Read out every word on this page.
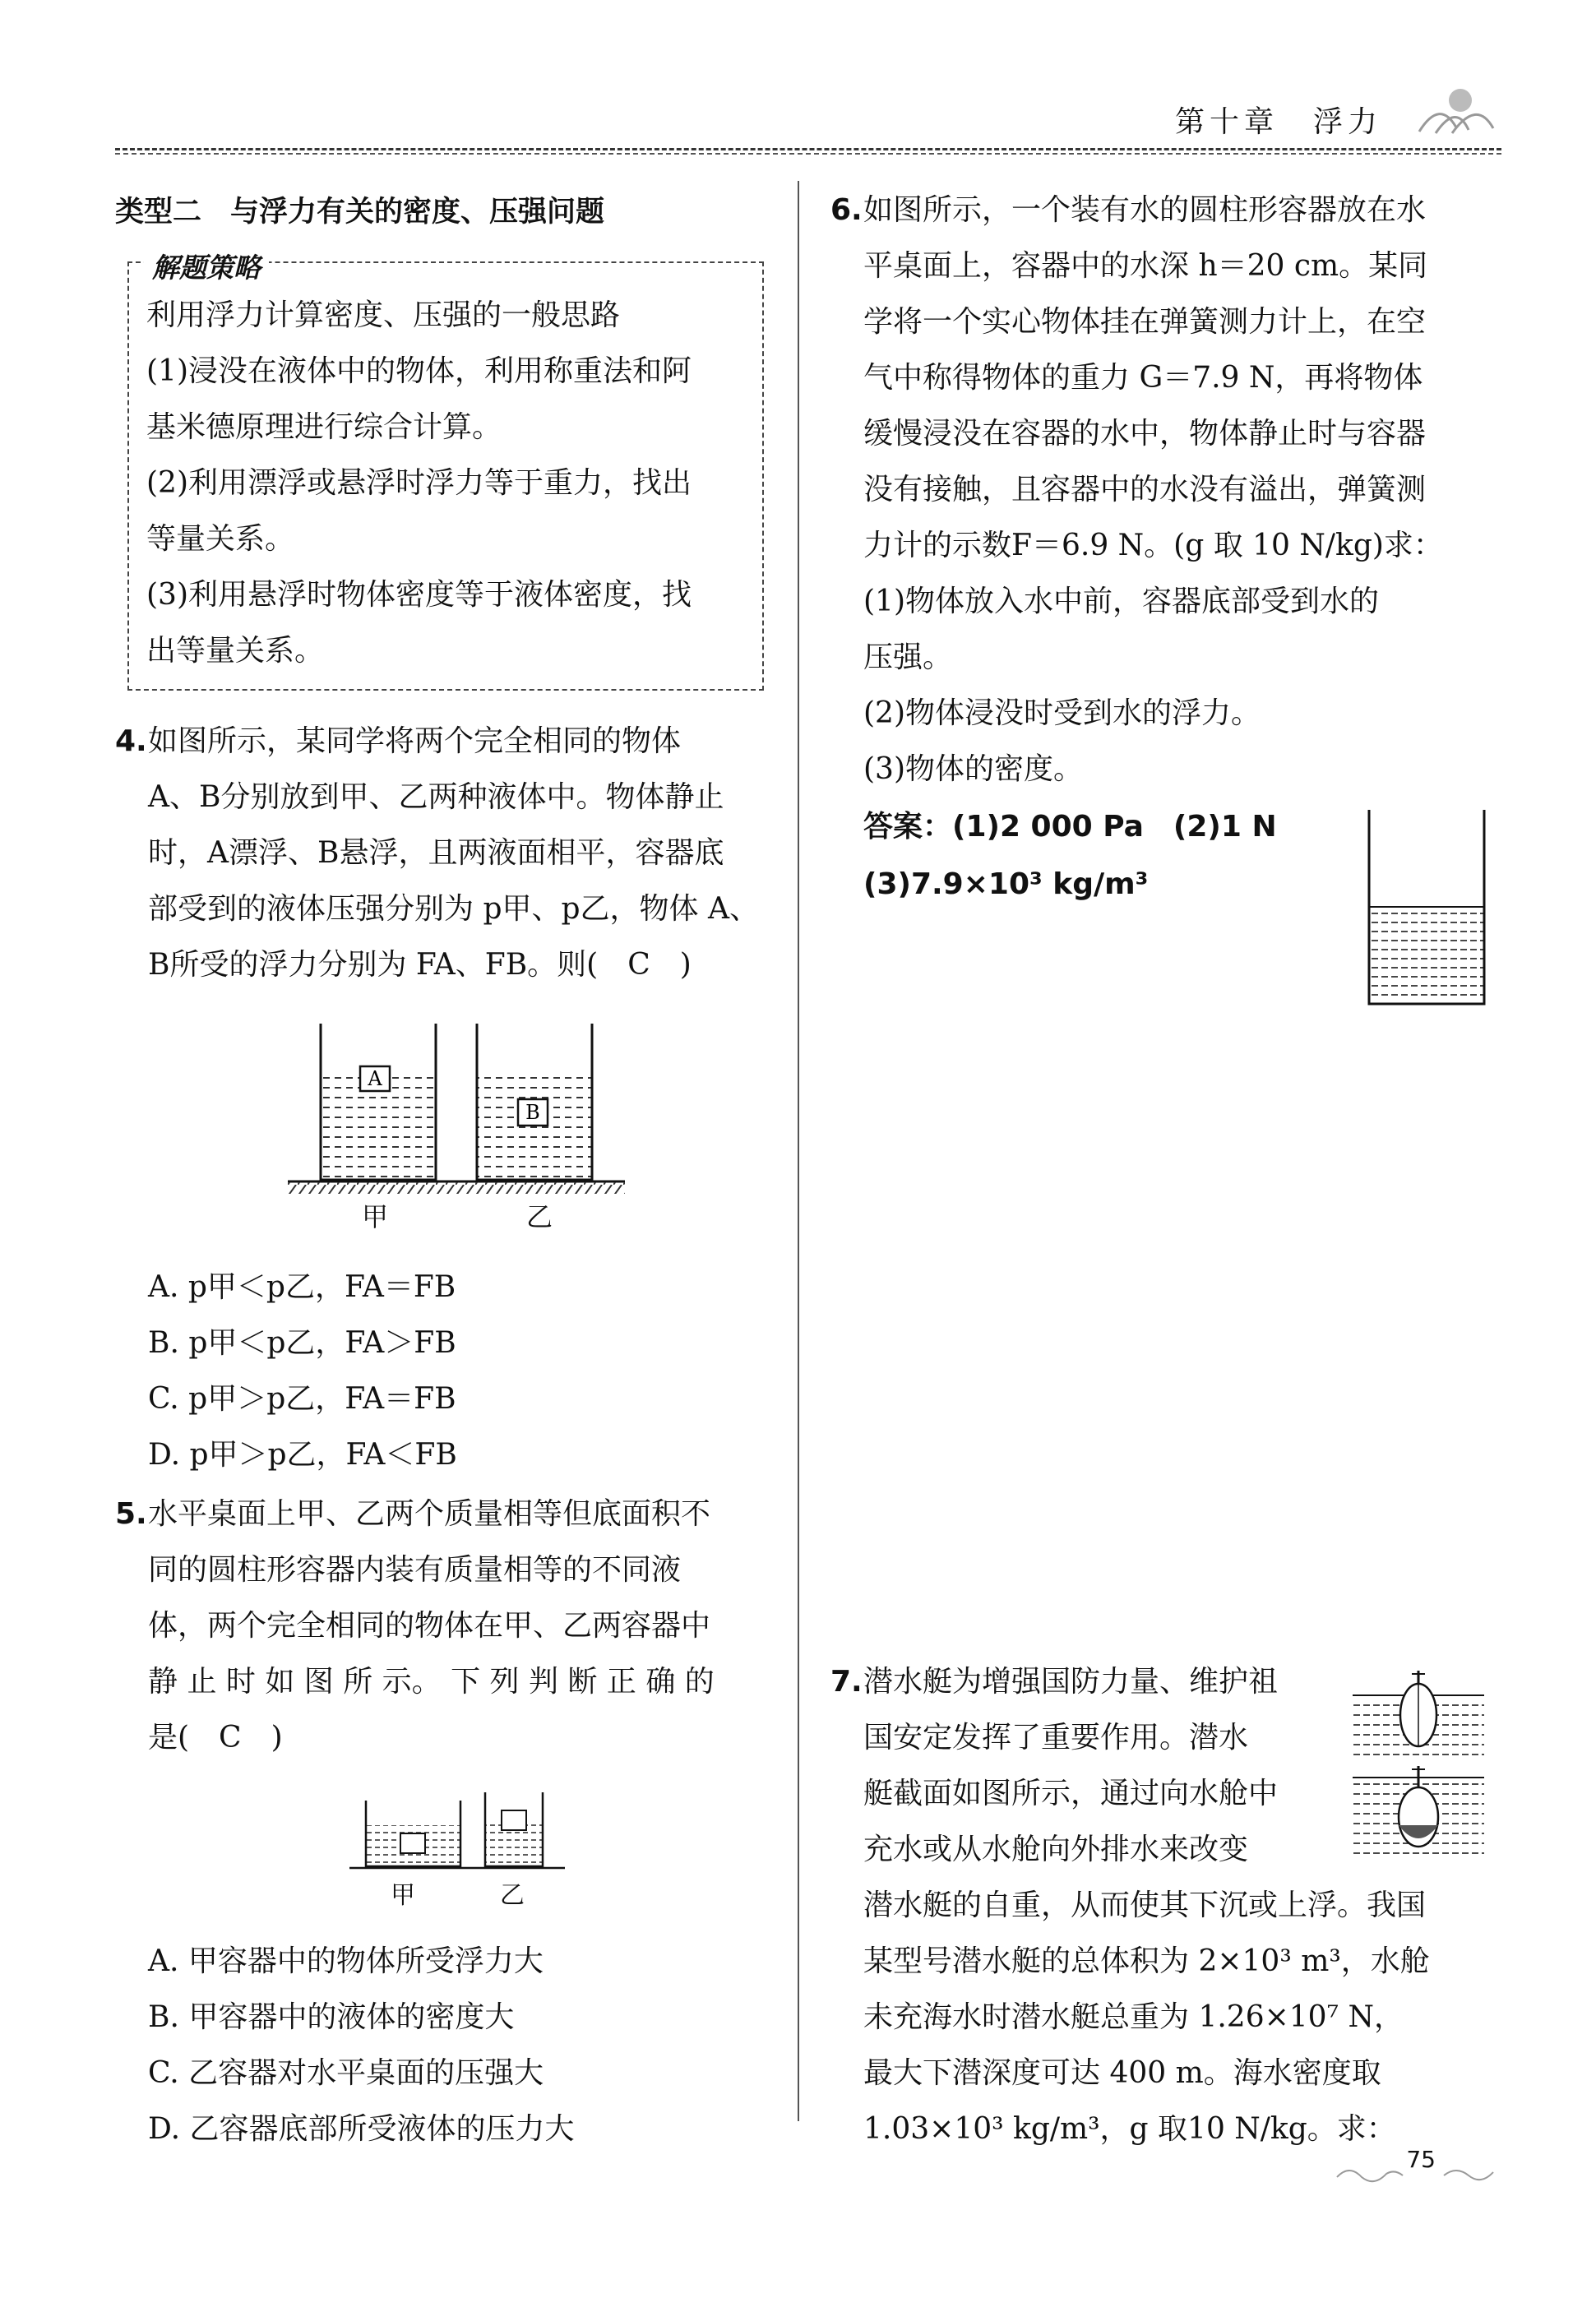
第十章　浮力
类型二　与浮力有关的密度、压强问题
解题策略
利用浮力计算密度、压强的一般思路
(1)浸没在液体中的物体，利用称重法和阿
基米德原理进行综合计算。
(2)利用漂浮或悬浮时浮力等于重力，找出
等量关系。
(3)利用悬浮时物体密度等于液体密度，找
出等量关系。
4. 如图所示，某同学将两个完全相同的物体
A、B分别放到甲、乙两种液体中。物体静止
时，A漂浮、B悬浮，且两液面相平，容器底
部受到的液体压强分别为 p甲、p乙，物体 A、
B所受的浮力分别为 FA、FB。则(　C　)
A
B
甲	乙
A. p甲＜p乙，FA＝FB
B. p甲＜p乙，FA＞FB
C. p甲＞p乙，FA＝FB
D. p甲＞p乙，FA＜FB
5. 水平桌面上甲、乙两个质量相等但底面积不
同的圆柱形容器内装有质量相等的不同液
体，两个完全相同的物体在甲、乙两容器中
静 止 时 如 图 所 示。 下 列 判 断 正 确 的
是(　C　)
甲	乙
A. 甲容器中的物体所受浮力大
B. 甲容器中的液体的密度大
C. 乙容器对水平桌面的压强大
D. 乙容器底部所受液体的压力大
6. 如图所示，一个装有水的圆柱形容器放在水
平桌面上，容器中的水深 h＝20 cm。某同
学将一个实心物体挂在弹簧测力计上，在空
气中称得物体的重力 G＝7.9 N，再将物体
缓慢浸没在容器的水中，物体静止时与容器
没有接触，且容器中的水没有溢出，弹簧测
力计的示数F＝6.9 N。(g 取 10 N/kg)求：
(1)物体放入水中前，容器底部受到水的
压强。
(2)物体浸没时受到水的浮力。
(3)物体的密度。
答案：(1)2 000 Pa　(2)1 N
(3)7.9×10³ kg/m³
7. 潜水艇为增强国防力量、维护祖
国安定发挥了重要作用。潜水
艇截面如图所示，通过向水舱中
充水或从水舱向外排水来改变
潜水艇的自重，从而使其下沉或上浮。我国
某型号潜水艇的总体积为 2×10³ m³，水舱
未充海水时潜水艇总重为 1.26×10⁷ N，
最大下潜深度可达 400 m。海水密度取
1.03×10³ kg/m³，g 取10 N/kg。求：
75
